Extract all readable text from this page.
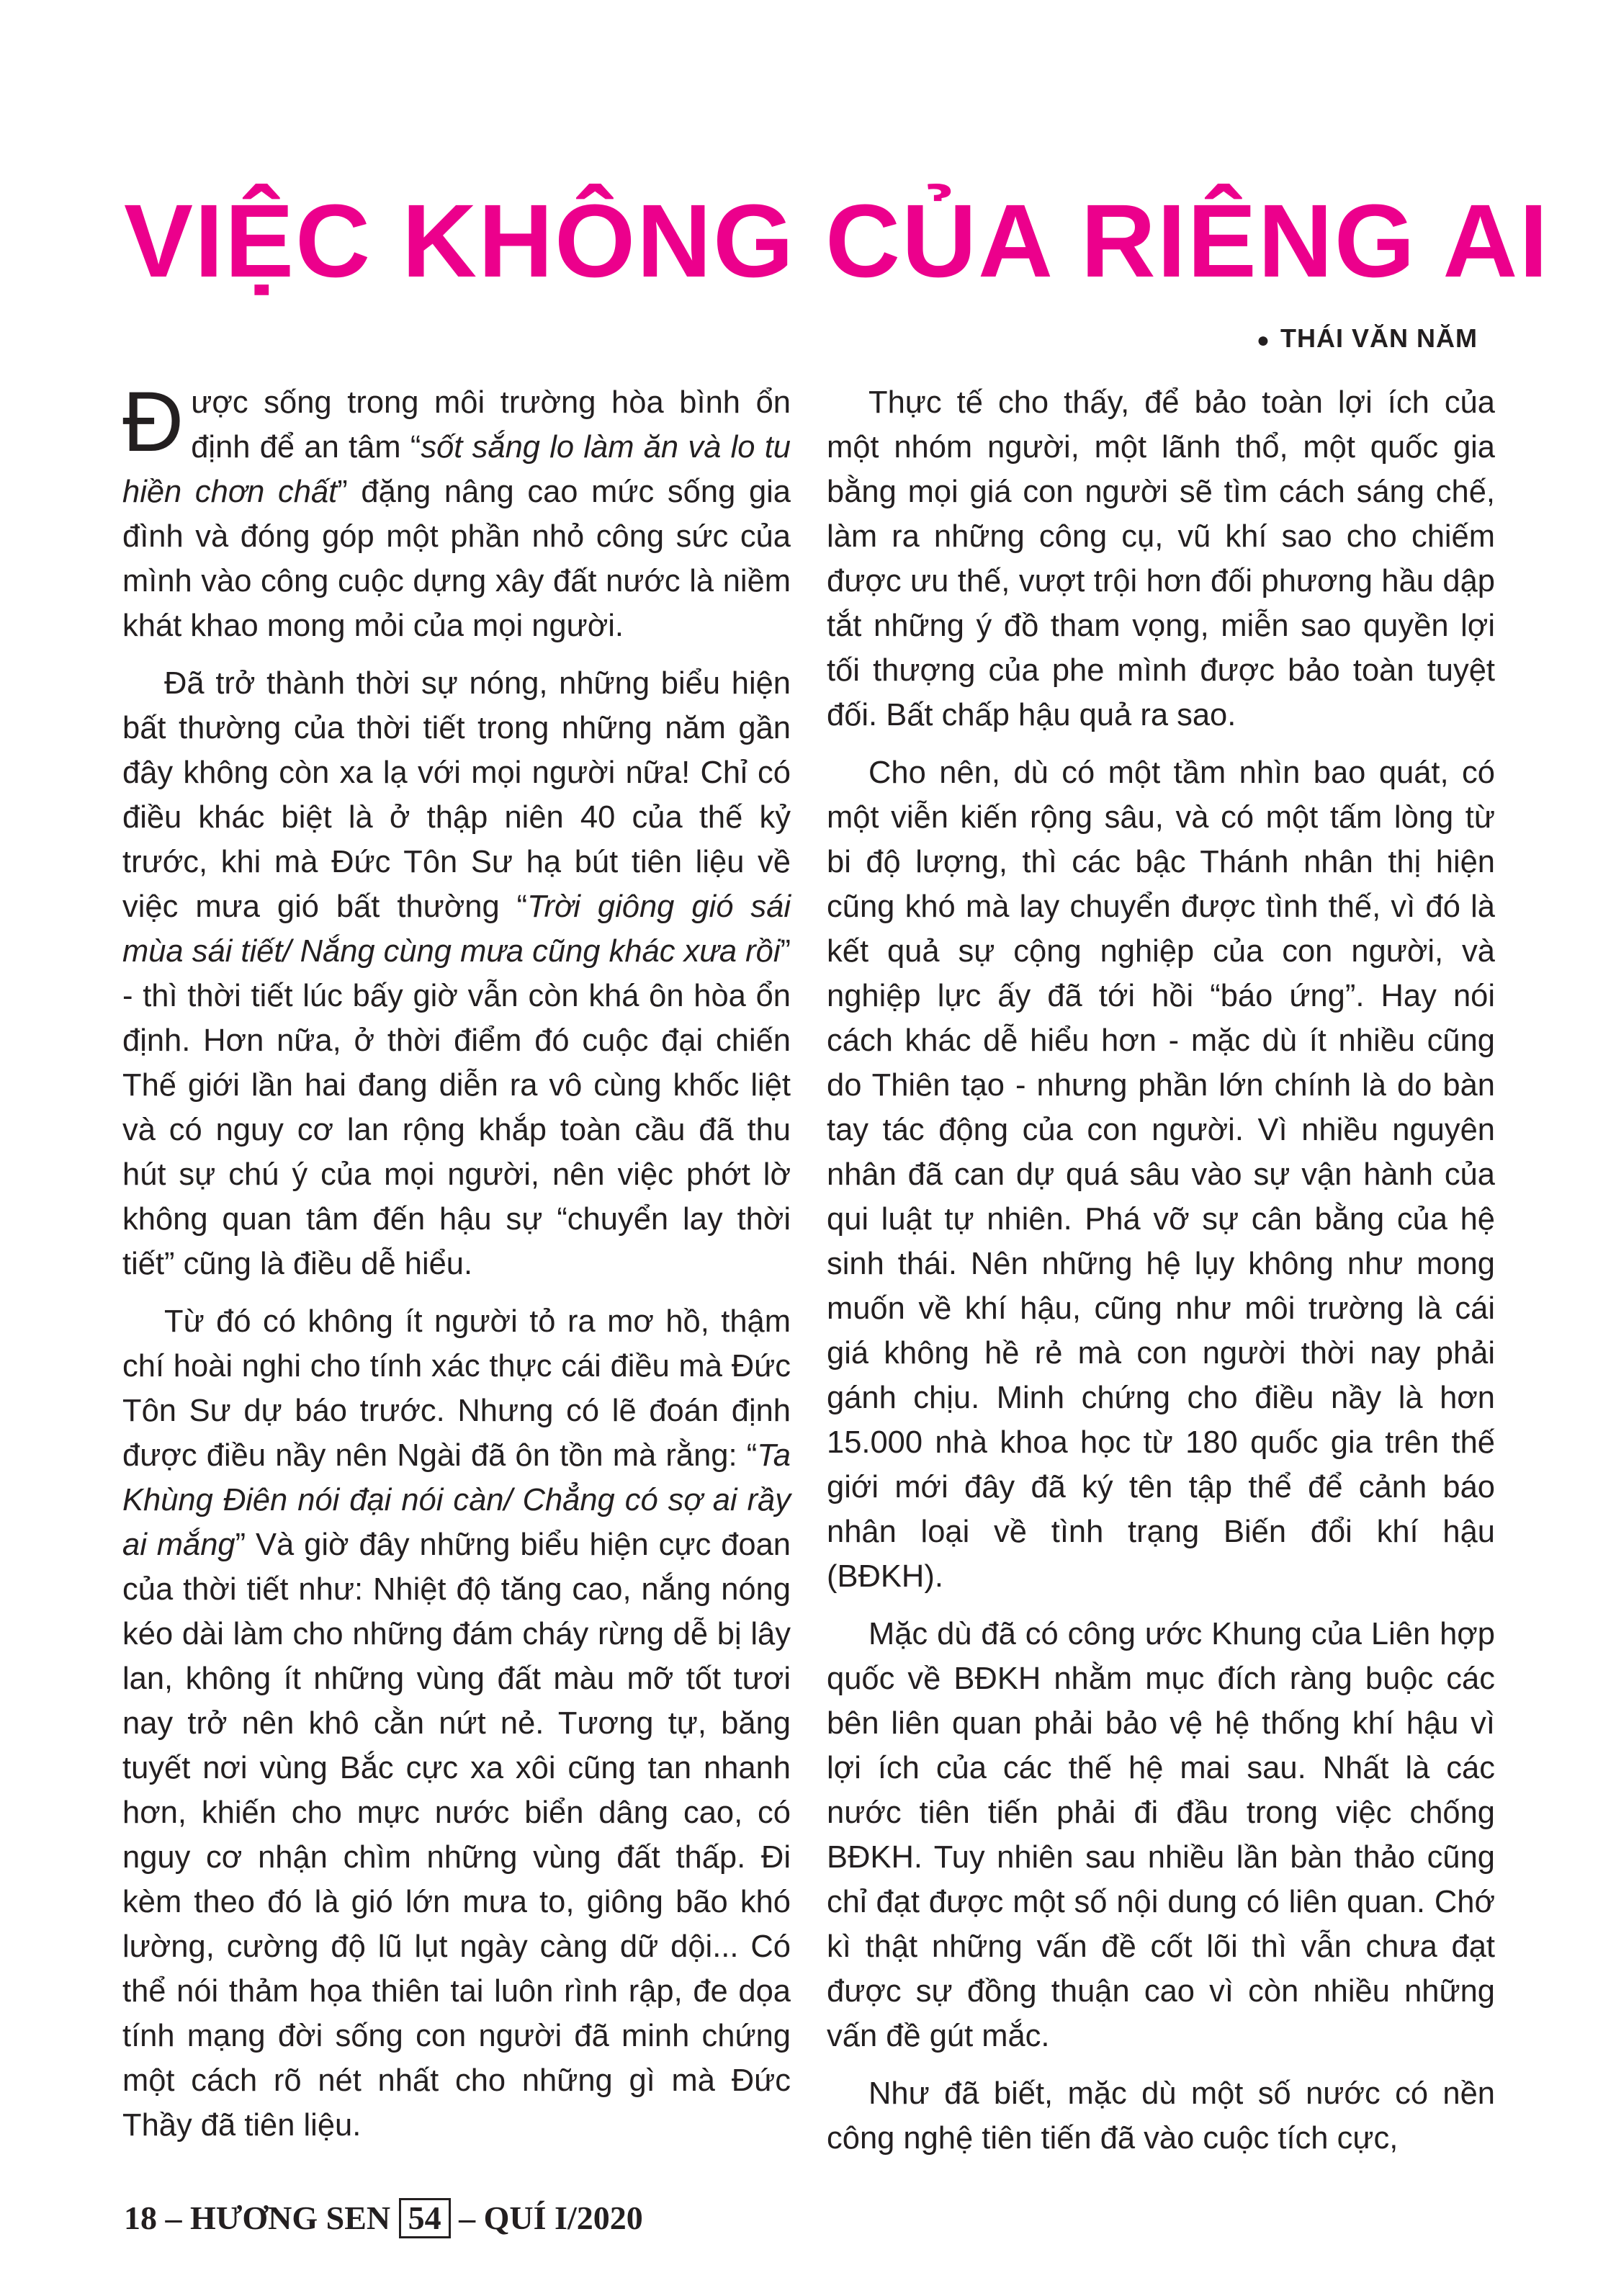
VIỆC KHÔNG CỦA RIÊNG AI
● THÁI VĂN NĂM

Được sống trong môi trường hòa bình ổn định để an tâm “sốt sắng lo làm ăn và lo tu hiền chơn chất” đặng nâng cao mức sống gia đình và đóng góp một phần nhỏ công sức của mình vào công cuộc dựng xây đất nước là niềm khát khao mong mỏi của mọi người.

Đã trở thành thời sự nóng, những biểu hiện bất thường của thời tiết trong những năm gần đây không còn xa lạ với mọi người nữa! Chỉ có điều khác biệt là ở thập niên 40 của thế kỷ trước, khi mà Đức Tôn Sư hạ bút tiên liệu về việc mưa gió bất thường “Trời giông gió sái mùa sái tiết/ Nắng cùng mưa cũng khác xưa rồi” - thì thời tiết lúc bấy giờ vẫn còn khá ôn hòa ổn định. Hơn nữa, ở thời điểm đó cuộc đại chiến Thế giới lần hai đang diễn ra vô cùng khốc liệt và có nguy cơ lan rộng khắp toàn cầu đã thu hút sự chú ý của mọi người, nên việc phớt lờ không quan tâm đến hậu sự “chuyển lay thời tiết” cũng là điều dễ hiểu.

Từ đó có không ít người tỏ ra mơ hồ, thậm chí hoài nghi cho tính xác thực cái điều mà Đức Tôn Sư dự báo trước. Nhưng có lẽ đoán định được điều nầy nên Ngài đã ôn tồn mà rằng: “Ta Khùng Điên nói đại nói càn/ Chẳng có sợ ai rầy ai mắng” Và giờ đây những biểu hiện cực đoan của thời tiết như: Nhiệt độ tăng cao, nắng nóng kéo dài làm cho những đám cháy rừng dễ bị lây lan, không ít những vùng đất màu mỡ tốt tươi nay trở nên khô cằn nứt nẻ. Tương tự, băng tuyết nơi vùng Bắc cực xa xôi cũng tan nhanh hơn, khiến cho mực nước biển dâng cao, có nguy cơ nhận chìm những vùng đất thấp. Đi kèm theo đó là gió lớn mưa to, giông bão khó lường, cường độ lũ lụt ngày càng dữ dội... Có thể nói thảm họa thiên tai luôn rình rập, đe dọa tính mạng đời sống con người đã minh chứng một cách rõ nét nhất cho những gì mà Đức Thầy đã tiên liệu.

Thực tế cho thấy, để bảo toàn lợi ích của một nhóm người, một lãnh thổ, một quốc gia bằng mọi giá con người sẽ tìm cách sáng chế, làm ra những công cụ, vũ khí sao cho chiếm được ưu thế, vượt trội hơn đối phương hầu dập tắt những ý đồ tham vọng, miễn sao quyền lợi tối thượng của phe mình được bảo toàn tuyệt đối. Bất chấp hậu quả ra sao.

Cho nên, dù có một tầm nhìn bao quát, có một viễn kiến rộng sâu, và có một tấm lòng từ bi độ lượng, thì các bậc Thánh nhân thị hiện cũng khó mà lay chuyển được tình thế, vì đó là kết quả sự cộng nghiệp của con người, và nghiệp lực ấy đã tới hồi “báo ứng”. Hay nói cách khác dễ hiểu hơn - mặc dù ít nhiều cũng do Thiên tạo - nhưng phần lớn chính là do bàn tay tác động của con người. Vì nhiều nguyên nhân đã can dự quá sâu vào sự vận hành của qui luật tự nhiên. Phá vỡ sự cân bằng của hệ sinh thái. Nên những hệ lụy không như mong muốn về khí hậu, cũng như môi trường là cái giá không hề rẻ mà con người thời nay phải gánh chịu. Minh chứng cho điều nầy là hơn 15.000 nhà khoa học từ 180 quốc gia trên thế giới mới đây đã ký tên tập thể để cảnh báo nhân loại về tình trạng Biến đổi khí hậu (BĐKH).

Mặc dù đã có công ước Khung của Liên hợp quốc về BĐKH nhằm mục đích ràng buộc các bên liên quan phải bảo vệ hệ thống khí hậu vì lợi ích của các thế hệ mai sau. Nhất là các nước tiên tiến phải đi đầu trong việc chống BĐKH. Tuy nhiên sau nhiều lần bàn thảo cũng chỉ đạt được một số nội dung có liên quan. Chớ kì thật những vấn đề cốt lõi thì vẫn chưa đạt được sự đồng thuận cao vì còn nhiều những vấn đề gút mắc.

Như đã biết, mặc dù một số nước có nền công nghệ tiên tiến đã vào cuộc tích cực,

18 – HƯƠNG SEN 54 – QUÍ I/2020
